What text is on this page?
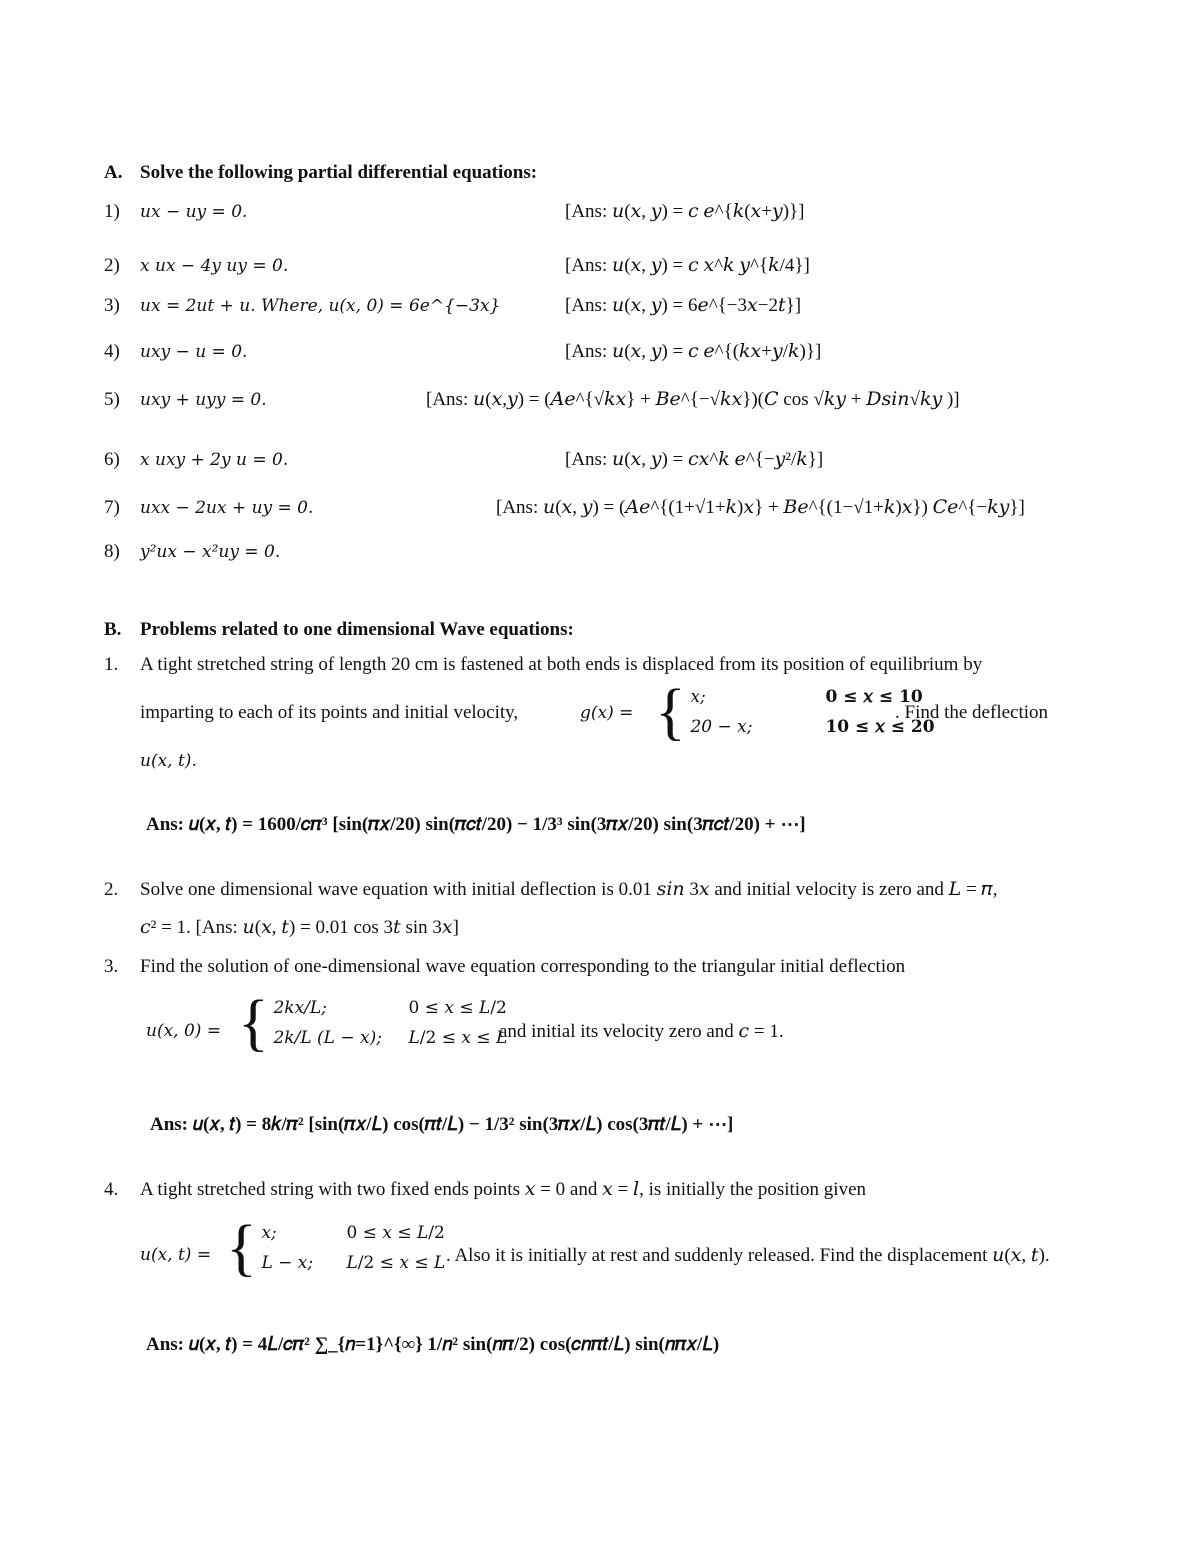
A. Solve the following partial differential equations:
1) 𝑢𝑥 − 𝑢𝑦 = 0.	[Ans: 𝑢(𝑥, 𝑦) = 𝑐 𝑒^{𝑘(𝑥+𝑦)}]
2) 𝑥 𝑢𝑥 − 4𝑦 𝑢𝑦 = 0.	[Ans: 𝑢(𝑥, 𝑦) = 𝑐 𝑥^𝑘 𝑦^{𝑘/4}]
3) 𝑢𝑥 = 2𝑢𝑡 + 𝑢. Where, 𝑢(𝑥, 0) = 6𝑒^{−3𝑥}	[Ans: 𝑢(𝑥, 𝑦) = 6𝑒^{−3𝑥−2𝑡}]
4) 𝑢𝑥𝑦 − 𝑢 = 0.	[Ans: 𝑢(𝑥, 𝑦) = 𝑐 𝑒^{(𝑘𝑥+𝑦/𝑘)}]
5) 𝑢𝑥𝑦 + 𝑢𝑦𝑦 = 0.	[Ans: 𝑢(𝑥,𝑦) = (𝐴𝑒^{√𝑘𝑥} + 𝐵𝑒^{−√𝑘𝑥})(𝐶 cos √𝑘𝑦 + 𝐷𝑠𝑖𝑛√𝑘𝑦 )]
6) 𝑥 𝑢𝑥𝑦 + 2𝑦 𝑢 = 0.	[Ans: 𝑢(𝑥, 𝑦) = 𝑐𝑥^𝑘 𝑒^{−𝑦²/𝑘}]
7) 𝑢𝑥𝑥 − 2𝑢𝑥 + 𝑢𝑦 = 0.	[Ans: 𝑢(𝑥, 𝑦) = (𝐴𝑒^{(1+√1+𝑘)𝑥} + 𝐵𝑒^{(1−√1+𝑘)𝑥}) 𝐶𝑒^{−𝑘𝑦}]
8) 𝑦²𝑢𝑥 − 𝑥²𝑢𝑦 = 0.
B. Problems related to one dimensional Wave equations:
1. A tight stretched string of length 20 cm is fastened at both ends is displaced from its position of equilibrium by
imparting to each of its points and initial velocity,	𝑔(𝑥) = { 𝑥;	0 ≤ 𝑥 ≤ 10
20 − 𝑥;	10 ≤ 𝑥 ≤ 20
. Find the deflection
𝑢(𝑥, 𝑡).
Ans: 𝑢(𝑥, 𝑡) = 1600/𝑐𝜋³ [sin(𝜋𝑥/20) sin(𝜋𝑐𝑡/20) − 1/3³ sin(3𝜋𝑥/20) sin(3𝜋𝑐𝑡/20) + ⋯]
2. Solve one dimensional wave equation with initial deflection is 0.01 𝑠𝑖𝑛 3𝑥 and initial velocity is zero and 𝐿 = 𝜋,
𝑐² = 1. [Ans: 𝑢(𝑥, 𝑡) = 0.01 cos 3𝑡 sin 3𝑥]
3. Find the solution of one-dimensional wave equation corresponding to the triangular initial deflection
𝑢(𝑥, 0) = { 2𝑘𝑥/𝐿;	0 ≤ 𝑥 ≤ 𝐿/2
2𝑘/𝐿 (𝐿 − 𝑥); 𝐿/2 ≤ 𝑥 ≤ 𝐿
and initial its velocity zero and 𝑐 = 1.
Ans: 𝑢(𝑥, 𝑡) = 8𝑘/𝜋² [sin(𝜋𝑥/𝐿) cos(𝜋𝑡/𝐿) − 1/3² sin(3𝜋𝑥/𝐿) cos(3𝜋𝑡/𝐿) + ⋯]
4. A tight stretched string with two fixed ends points 𝑥 = 0 and 𝑥 = 𝑙, is initially the position given
𝑢(𝑥, 𝑡) = { 𝑥;	0 ≤ 𝑥 ≤ 𝐿/2
𝐿 − 𝑥; 𝐿/2 ≤ 𝑥 ≤ 𝐿 . Also it is initially at rest and suddenly released. Find the displacement 𝑢(𝑥, 𝑡).
Ans: 𝑢(𝑥, 𝑡) = 4𝐿/𝑐𝜋² ∑_{𝑛=1}^{∞} 1/𝑛² sin(𝑛𝜋/2) cos(𝑐𝑛𝜋𝑡/𝐿) sin(𝑛𝜋𝑥/𝐿)
